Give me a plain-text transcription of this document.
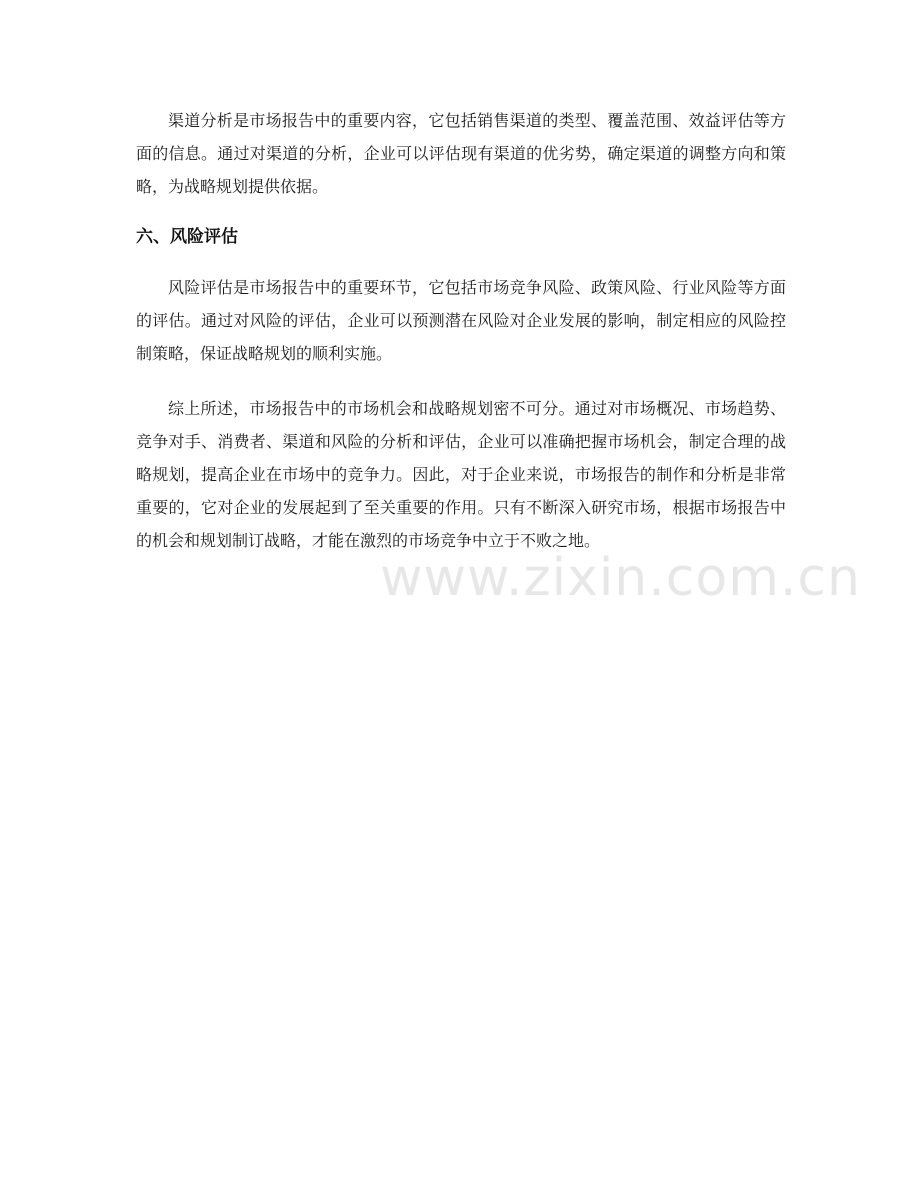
渠道分析是市场报告中的重要内容，它包括销售渠道的类型、覆盖范围、效益评估等方面的信息。通过对渠道的分析，企业可以评估现有渠道的优劣势，确定渠道的调整方向和策略，为战略规划提供依据。

六、风险评估

风险评估是市场报告中的重要环节，它包括市场竞争风险、政策风险、行业风险等方面的评估。通过对风险的评估，企业可以预测潜在风险对企业发展的影响，制定相应的风险控制策略，保证战略规划的顺利实施。

综上所述，市场报告中的市场机会和战略规划密不可分。通过对市场概况、市场趋势、竞争对手、消费者、渠道和风险的分析和评估，企业可以准确把握市场机会，制定合理的战略规划，提高企业在市场中的竞争力。因此，对于企业来说，市场报告的制作和分析是非常重要的，它对企业的发展起到了至关重要的作用。只有不断深入研究市场，根据市场报告中的机会和规划制订战略，才能在激烈的市场竞争中立于不败之地。

www.zixin.com.cn
